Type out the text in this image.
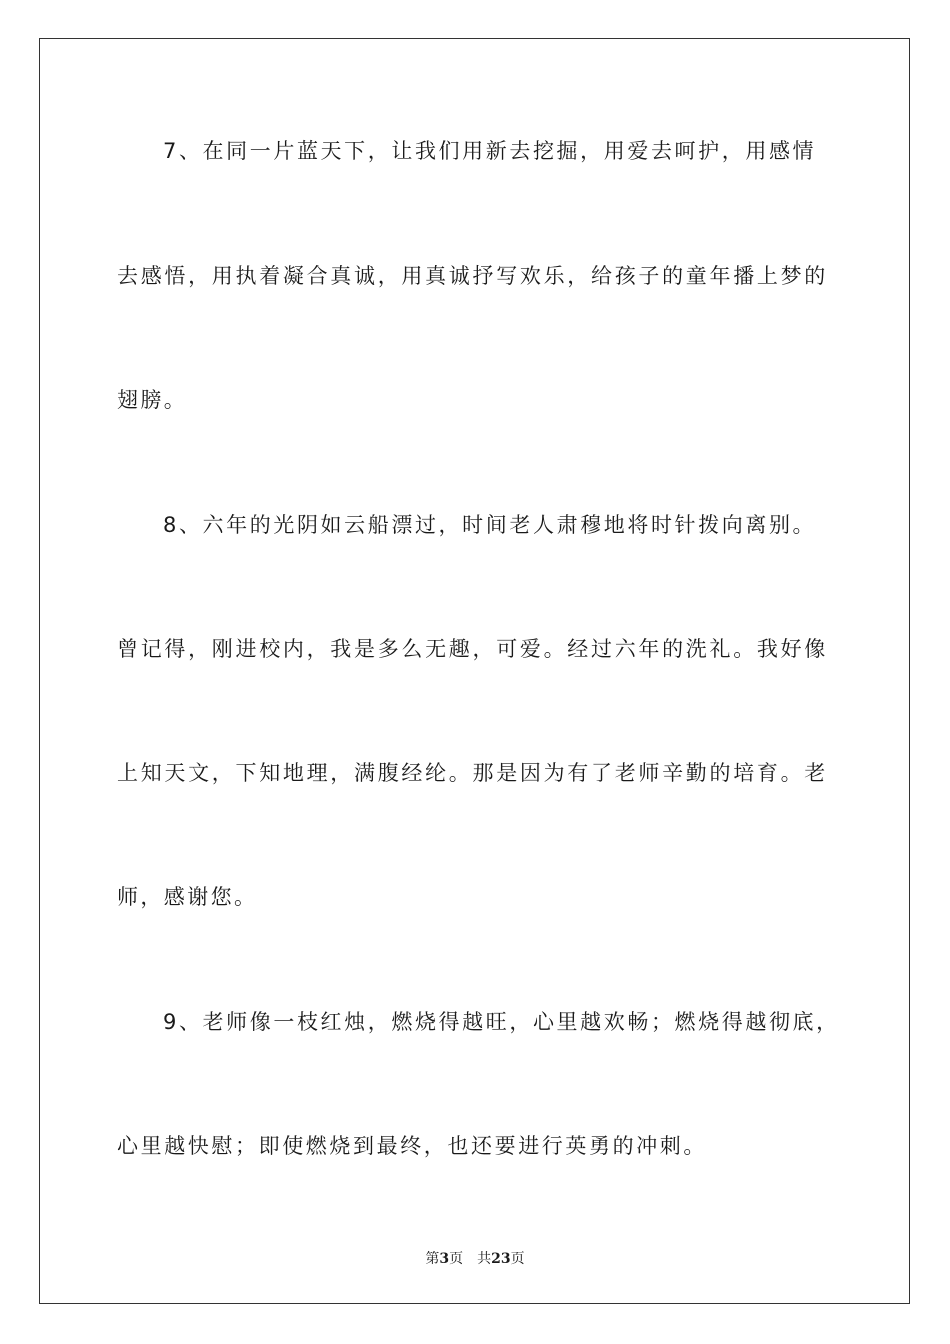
7、在同一片蓝天下，让我们用新去挖掘，用爱去呵护，用感情
去感悟，用执着凝合真诚，用真诚抒写欢乐，给孩子的童年播上梦的
翅膀。
8、六年的光阴如云船漂过，时间老人肃穆地将时针拨向离别。
曾记得，刚进校内，我是多么无趣，可爱。经过六年的洗礼。我好像
上知天文，下知地理，满腹经纶。那是因为有了老师辛勤的培育。老
师，感谢您。
9、老师像一枝红烛，燃烧得越旺，心里越欢畅；燃烧得越彻底，
心里越快慰；即使燃烧到最终，也还要进行英勇的冲刺。
第3页 共23页
